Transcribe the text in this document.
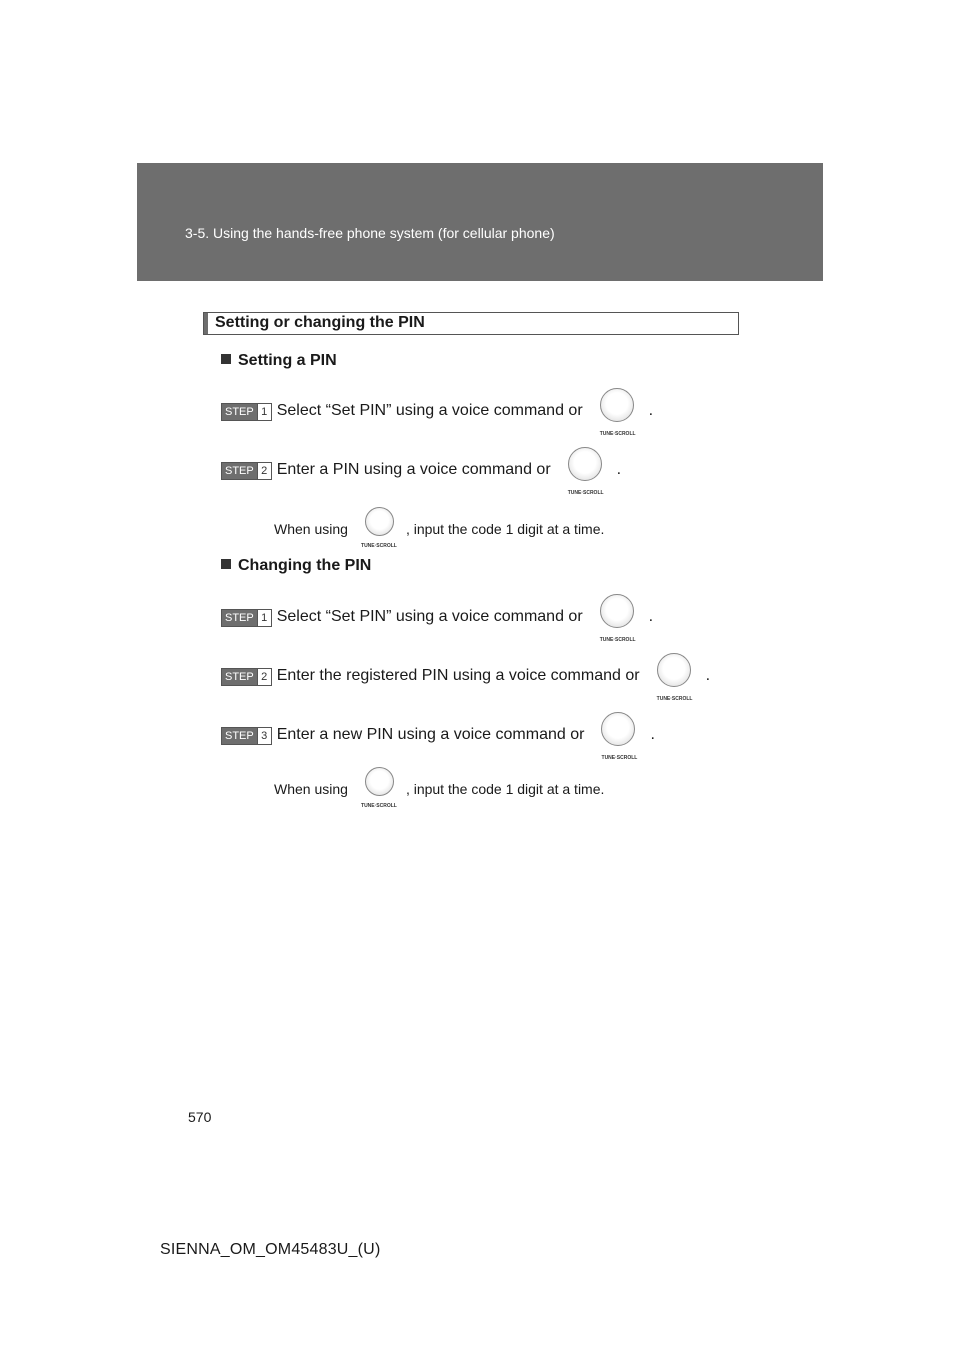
3-5. Using the hands-free phone system (for cellular phone)
Setting or changing the PIN
Setting a PIN
STEP 1 Select “Set PIN” using a voice command or
TUNE·SCROLL
.
STEP 2 Enter a PIN using a voice command or
TUNE·SCROLL
.
When using
TUNE·SCROLL
, input the code 1 digit at a time.
Changing the PIN
STEP 1 Select “Set PIN” using a voice command or
TUNE·SCROLL
.
STEP 2 Enter the registered PIN using a voice command or
TUNE·SCROLL
.
STEP 3 Enter a new PIN using a voice command or
TUNE·SCROLL
.
When using
TUNE·SCROLL
, input the code 1 digit at a time.
570
SIENNA_OM_OM45483U_(U)
